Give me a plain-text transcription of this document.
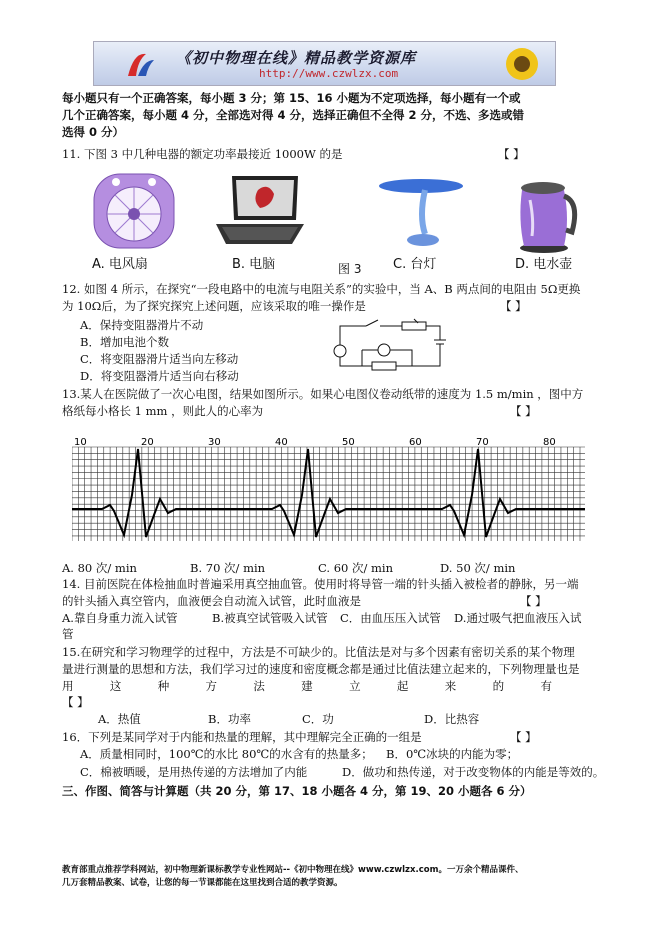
《初中物理在线》精品教学资源库
http://www.czwlzx.com
每小题只有一个正确答案，每小题 3 分；第 15、16 小题为不定项选择，每小题有一个或
几个正确答案，每小题 4 分，全部选对得 4 分，选择正确但不全得 2 分，不选、多选或错
选得 0 分）
11. 下图 3 中几种电器的额定功率最接近 1000W 的是	【 】
A. 电风扇	B. 电脑	图 3 C. 台灯	D. 电水壶
12. 如图 4 所示，在探究“一段电路中的电流与电阻关系”的实验中，当 A、B 两点间的电阻由 5Ω更换
为 10Ω后，为了探究探究上述问题，应该采取的唯一操作是	【 】
A．保持变阻器滑片不动
B．增加电池个数
C．将变阻器滑片适当向左移动
D．将变阻器滑片适当向右移动
13.某人在医院做了一次心电图，结果如图所示。如果心电图仪卷动纸带的速度为 1.5 m/min ，图中方
格纸每小格长 1 mm ，则此人的心率为	【 】
10	20	30	40	50	60	70	80
A. 80 次/ min	B. 70 次/ min	C. 60 次/ min	D. 50 次/ min
14. 目前医院在体检抽血时普遍采用真空抽血管。使用时将导管一端的针头插入被检者的静脉，另一端
的针头插入真空管内，血液便会自动流入试管，此时血液是	【 】
A.靠自身重力流入试管	B.被真空试管吸入试管 C．由血压压入试管 D.通过吸气把血液压入试
管
15.在研究和学习物理学的过程中，方法是不可缺少的。比值法是对与多个因素有密切关系的某个物理
量进行测量的思想和方法，我们学习过的速度和密度概念都是通过比值法建立起来的，下列物理量也是
用	这	种	方	法	建	立	起	来	的	有
【 】
A．热值	B．功率	C．功	D．比热容
16．下列是某同学对于内能和热量的理解，其中理解完全正确的一组是	【 】
A．质量相同时，100℃的水比 80℃的水含有的热量多； B．0℃冰块的内能为零；
C．棉被晒暖，是用热传递的方法增加了内能	D．做功和热传递，对于改变物体的内能是等效的。
三、作图、简答与计算题（共 20 分，第 17、18 小题各 4 分，第 19、20 小题各 6 分）
教育部重点推荐学科网站，初中物理新课标教学专业性网站--《初中物理在线》www.czwlzx.com。一万余个精品课件、
几万套精品教案、试卷，让您的每一节课都能在这里找到合适的教学资源。
